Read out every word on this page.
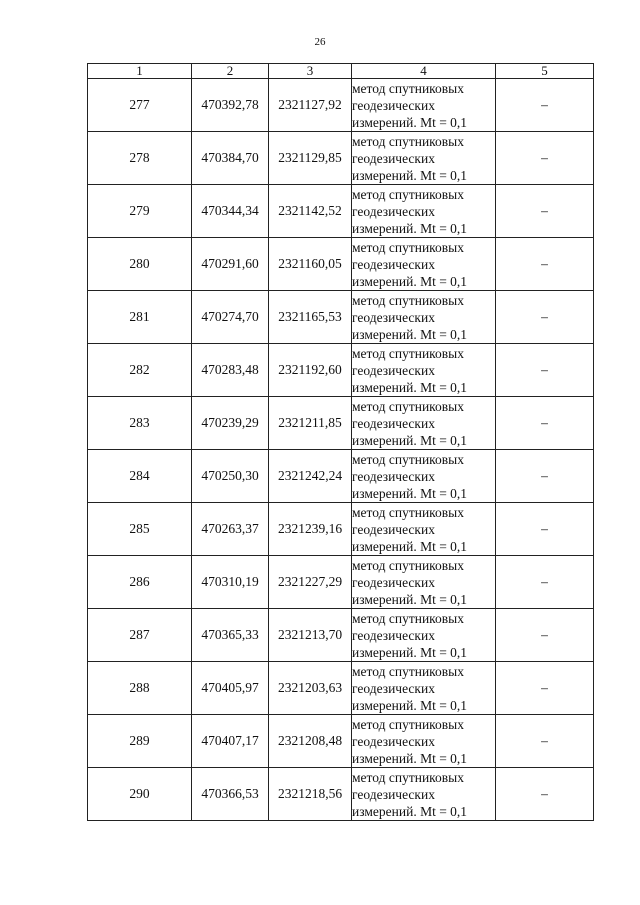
26
1	2	3	4	5
277	470392,78	2321127,92	метод спутниковых
геодезических
измерений. Mt = 0,1	–
278	470384,70	2321129,85	метод спутниковых
геодезических
измерений. Mt = 0,1	–
279	470344,34	2321142,52	метод спутниковых
геодезических
измерений. Mt = 0,1	–
280	470291,60	2321160,05	метод спутниковых
геодезических
измерений. Mt = 0,1	–
281	470274,70	2321165,53	метод спутниковых
геодезических
измерений. Mt = 0,1	–
282	470283,48	2321192,60	метод спутниковых
геодезических
измерений. Mt = 0,1	–
283	470239,29	2321211,85	метод спутниковых
геодезических
измерений. Mt = 0,1	–
284	470250,30	2321242,24	метод спутниковых
геодезических
измерений. Mt = 0,1	–
285	470263,37	2321239,16	метод спутниковых
геодезических
измерений. Mt = 0,1	–
286	470310,19	2321227,29	метод спутниковых
геодезических
измерений. Mt = 0,1	–
287	470365,33	2321213,70	метод спутниковых
геодезических
измерений. Mt = 0,1	–
288	470405,97	2321203,63	метод спутниковых
геодезических
измерений. Mt = 0,1	–
289	470407,17	2321208,48	метод спутниковых
геодезических
измерений. Mt = 0,1	–
290	470366,53	2321218,56	метод спутниковых
геодезических
измерений. Mt = 0,1	–
